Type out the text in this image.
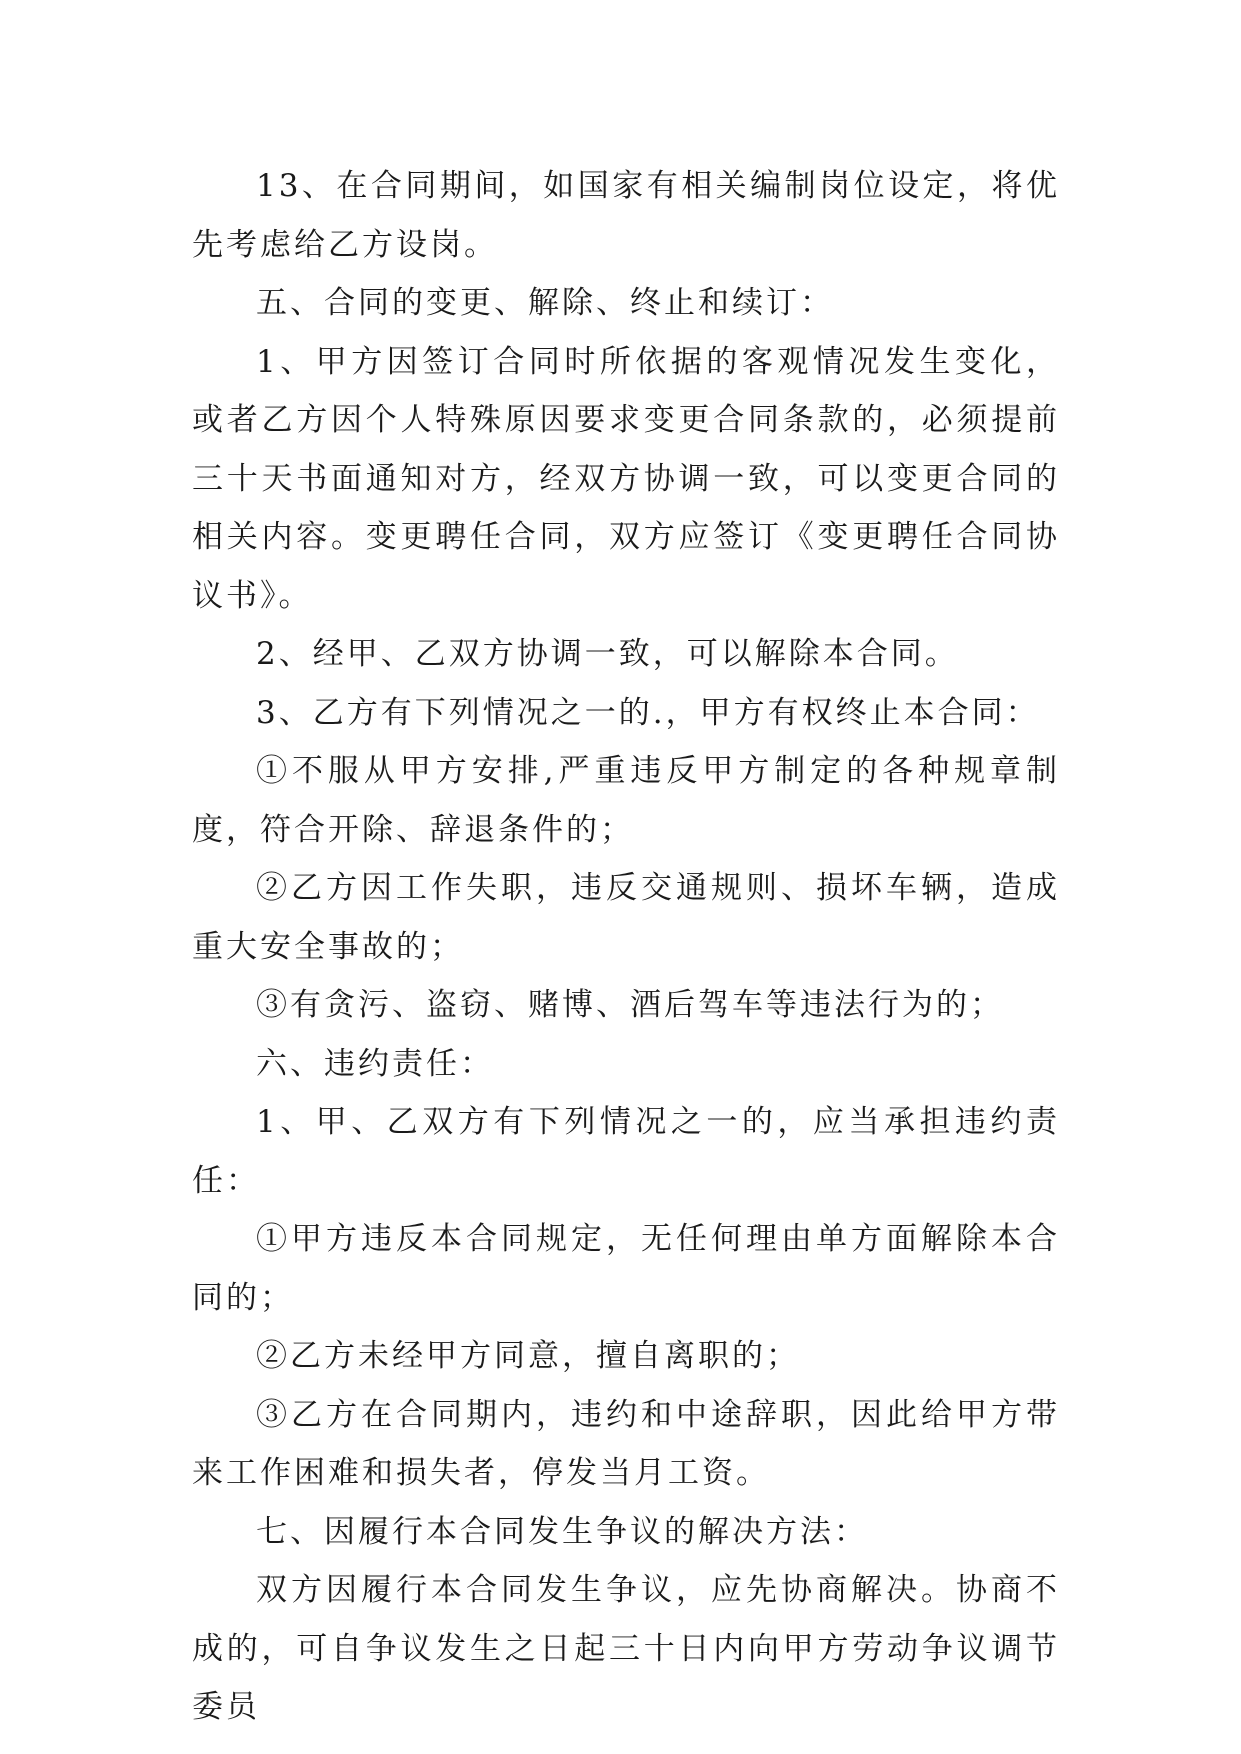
13、在合同期间，如国家有相关编制岗位设定，将优先考虑给乙方设岗。

五、合同的变更、解除、终止和续订：

1、甲方因签订合同时所依据的客观情况发生变化，或者乙方因个人特殊原因要求变更合同条款的，必须提前三十天书面通知对方，经双方协调一致，可以变更合同的相关内容。变更聘任合同，双方应签订《变更聘任合同协议书》。

2、经甲、乙双方协调一致，可以解除本合同。

3、乙方有下列情况之一的.，甲方有权终止本合同：

①不服从甲方安排,严重违反甲方制定的各种规章制度，符合开除、辞退条件的；

②乙方因工作失职，违反交通规则、损坏车辆，造成重大安全事故的；

③有贪污、盗窃、赌博、酒后驾车等违法行为的；

六、违约责任：

1、甲、乙双方有下列情况之一的，应当承担违约责任：

①甲方违反本合同规定，无任何理由单方面解除本合同的；

②乙方未经甲方同意，擅自离职的；

③乙方在合同期内，违约和中途辞职，因此给甲方带来工作困难和损失者，停发当月工资。

七、因履行本合同发生争议的解决方法：

双方因履行本合同发生争议，应先协商解决。协商不成的，可自争议发生之日起三十日内向甲方劳动争议调节委员
